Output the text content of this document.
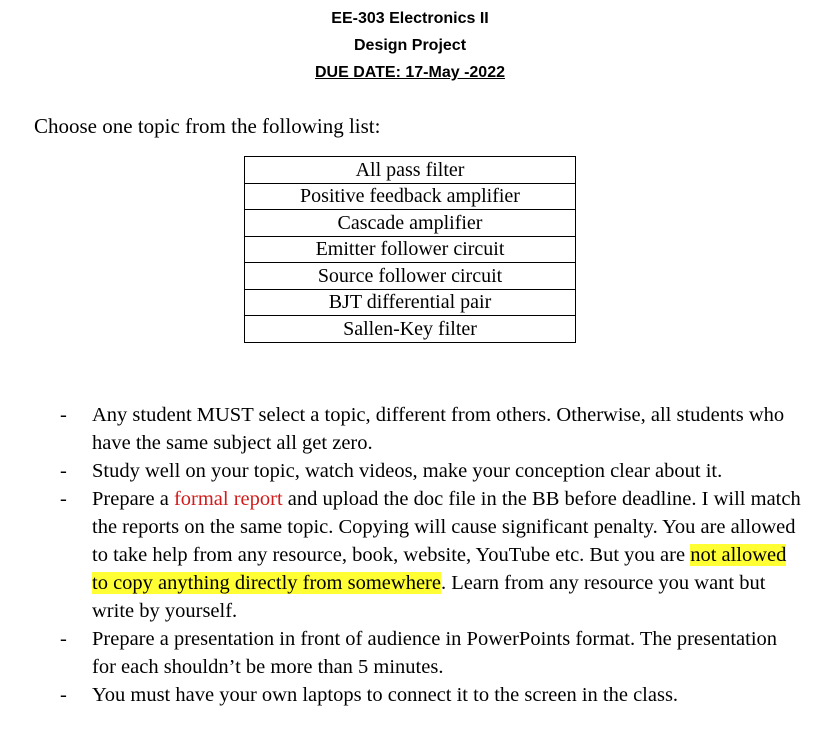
EE-303 Electronics II
Design Project
DUE DATE: 17-May -2022
Choose one topic from the following list:
All pass filter
Positive feedback amplifier
Cascade amplifier
Emitter follower circuit
Source follower circuit
BJT differential pair
Sallen-Key filter
- Any student MUST select a topic, different from others. Otherwise, all students who have the same subject all get zero.
- Study well on your topic, watch videos, make your conception clear about it.
- Prepare a formal report and upload the doc file in the BB before deadline. I will match the reports on the same topic. Copying will cause significant penalty. You are allowed to take help from any resource, book, website, YouTube etc. But you are not allowed to copy anything directly from somewhere. Learn from any resource you want but write by yourself.
- Prepare a presentation in front of audience in PowerPoints format. The presentation for each shouldn’t be more than 5 minutes.
- You must have your own laptops to connect it to the screen in the class.
